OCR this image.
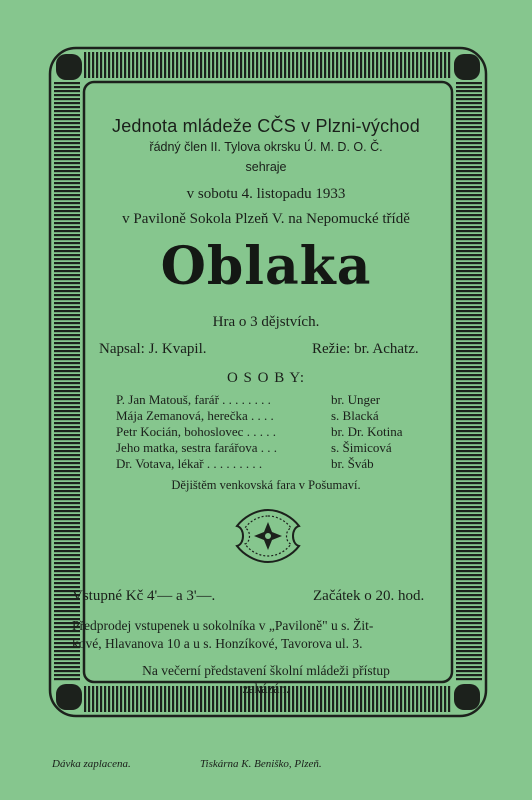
Jednota mládeže CČS v Plzni-východ
řádný člen II. Tylova okrsku Ú. M. D. O. Č.
sehraje
v sobotu 4. listopadu 1933
v Paviloně Sokola Plzeň V. na Nepomucké třídě
Oblaka
Hra o 3 dějstvích.
Napsal: J. Kvapil.	Režie: br. Achatz.
O S O B Y:
P. Jan Matouš, farář . . . . . . . .	br. Unger
Mája Zemanová, herečka . . . .	s. Blacká
Petr Kocián, bohoslovec . . . . .	br. Dr. Kotina
Jeho matka, sestra farářova . . .	s. Šimicová
Dr. Votava, lékař . . . . . . . . .	br. Šváb
Dějištěm venkovská fara v Pošumaví.
Vstupné Kč 4'— a 3'—.	Začátek o 20. hod.
Předprodej vstupenek u sokolníka v „Paviloně" u s. Žit-
kové, Hlavanova 10 a u s. Honzíkové, Tavorova ul. 3.
Na večerní představení školní mládeži přístup
zakázán.
Dávka zaplacena.	Tiskárna K. Beniško, Plzeň.
